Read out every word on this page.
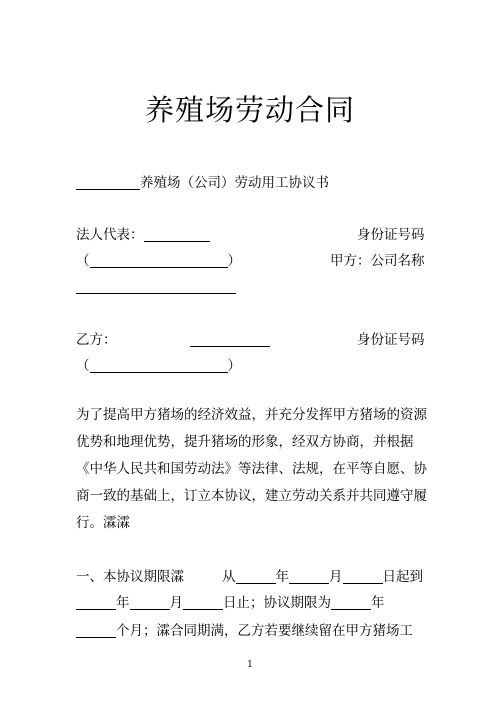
养殖场劳动合同
养殖场（公司）劳动用工协议书
法人代表：	身份证号码
（	）	甲方：公司名称
乙方：	身份证号码
（	）
为了提高甲方猪场的经济效益，并充分发挥甲方猪场的资源优势和地理优势，提升猪场的形象，经双方协商，并根据《中华人民共和国劳动法》等法律、法规，在平等自愿、协商一致的基础上，订立本协议，建立劳动关系并共同遵守履行。瀮瀮
一、本协议期限瀮	从	年	月	日起到
年	月	日止；协议期限为	年
个月；瀮合同期满，乙方若要继续留在甲方猪场工
1
